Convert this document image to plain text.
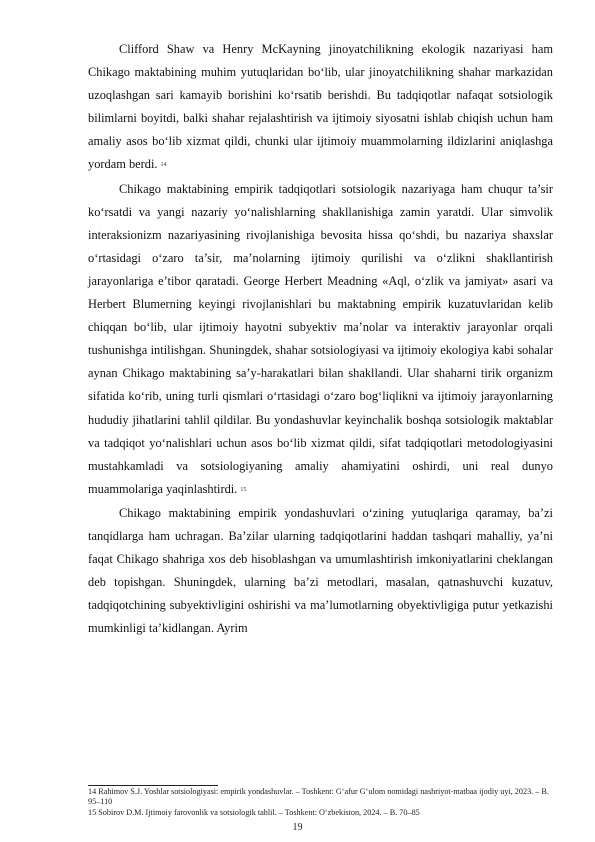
Clifford Shaw va Henry McKayning jinoyatchilikning ekologik nazariyasi ham Chikago maktabining muhim yutuqlaridan bo‘lib, ular jinoyatchilikning shahar markazidan uzoqlashgan sari kamayib borishini ko‘rsatib berishdi. Bu tadqiqotlar nafaqat sotsiologik bilimlarni boyitdi, balki shahar rejalashtirish va ijtimoiy siyosatni ishlab chiqish uchun ham amaliy asos bo‘lib xizmat qildi, chunki ular ijtimoiy muammolarning ildizlarini aniqlashga yordam berdi. 14

Chikago maktabining empirik tadqiqotlari sotsiologik nazariyaga ham chuqur ta’sir ko‘rsatdi va yangi nazariy yo‘nalishlarning shakllanishiga zamin yaratdi. Ular simvolik interaksionizm nazariyasining rivojlanishiga bevosita hissa qo‘shdi, bu nazariya shaxslar o‘rtasidagi o‘zaro ta’sir, ma’nolarning ijtimoiy qurilishi va o‘zlikni shakllantirish jarayonlariga e’tibor qaratadi. George Herbert Meadning «Aql, o‘zlik va jamiyat» asari va Herbert Blumerning keyingi rivojlanishlari bu maktabning empirik kuzatuvlaridan kelib chiqqan bo‘lib, ular ijtimoiy hayotni subyektiv ma’nolar va interaktiv jarayonlar orqali tushunishga intilishgan. Shuningdek, shahar sotsiologiyasi va ijtimoiy ekologiya kabi sohalar aynan Chikago maktabining sa’y-harakatlari bilan shakllandi. Ular shaharni tirik organizm sifatida ko‘rib, uning turli qismlari o‘rtasidagi o‘zaro bog‘liqlikni va ijtimoiy jarayonlarning hududiy jihatlarini tahlil qildilar. Bu yondashuvlar keyinchalik boshqa sotsiologik maktablar va tadqiqot yo‘nalishlari uchun asos bo‘lib xizmat qildi, sifat tadqiqotlari metodologiyasini mustahkamladi va sotsiologiyaning amaliy ahamiyatini oshirdi, uni real dunyo muammolariga yaqinlashtirdi. 15

Chikago maktabining empirik yondashuvlari o‘zining yutuqlariga qaramay, ba’zi tanqidlarga ham uchragan. Ba’zilar ularning tadqiqotlarini haddan tashqari mahalliy, ya’ni faqat Chikago shahriga xos deb hisoblashgan va umumlashtirish imkoniyatlarini cheklangan deb topishgan. Shuningdek, ularning ba’zi metodlari, masalan, qatnashuvchi kuzatuv, tadqiqotchining subyektivligini oshirishi va ma’lumotlarning obyektivligiga putur yetkazishi mumkinligi ta’kidlangan. Ayrim

14 Rahimov S.J. Yoshlar sotsiologiyasi: empirik yondashuvlar. – Toshkent: G‘afur G‘ulom nomidagi nashriyot-matbaa ijodiy uyi, 2023. – B. 95–110

15 Sobirov D.M. Ijtimoiy farovonlik va sotsiologik tahlil. – Toshkent: O‘zbekiston, 2024. – B. 70–85

19
